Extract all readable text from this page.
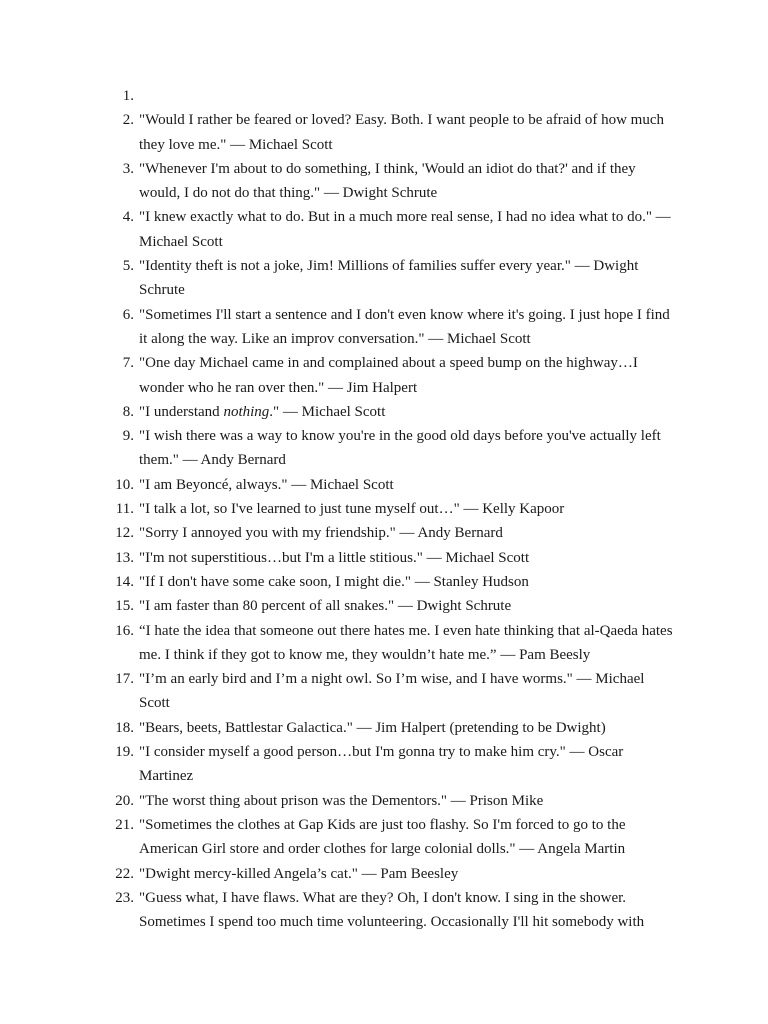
1.
2. "Would I rather be feared or loved? Easy. Both. I want people to be afraid of how much they love me." — Michael Scott
3. "Whenever I'm about to do something, I think, 'Would an idiot do that?' and if they would, I do not do that thing." — Dwight Schrute
4. "I knew exactly what to do. But in a much more real sense, I had no idea what to do." — Michael Scott
5. "Identity theft is not a joke, Jim! Millions of families suffer every year." — Dwight Schrute
6. "Sometimes I'll start a sentence and I don't even know where it's going. I just hope I find it along the way. Like an improv conversation." — Michael Scott
7. "One day Michael came in and complained about a speed bump on the highway…I wonder who he ran over then." — Jim Halpert
8. "I understand nothing." — Michael Scott
9. "I wish there was a way to know you're in the good old days before you've actually left them." — Andy Bernard
10. "I am Beyoncé, always." — Michael Scott
11. "I talk a lot, so I've learned to just tune myself out…" — Kelly Kapoor
12. "Sorry I annoyed you with my friendship." — Andy Bernard
13. "I'm not superstitious…but I'm a little stitious." — Michael Scott
14. "If I don't have some cake soon, I might die." — Stanley Hudson
15. "I am faster than 80 percent of all snakes." — Dwight Schrute
16. “I hate the idea that someone out there hates me. I even hate thinking that al-Qaeda hates me. I think if they got to know me, they wouldn’t hate me.” — Pam Beesly
17. "I’m an early bird and I’m a night owl. So I’m wise, and I have worms." — Michael Scott
18. "Bears, beets, Battlestar Galactica." — Jim Halpert (pretending to be Dwight)
19. "I consider myself a good person…but I'm gonna try to make him cry." — Oscar Martinez
20. "The worst thing about prison was the Dementors." — Prison Mike
21. "Sometimes the clothes at Gap Kids are just too flashy. So I'm forced to go to the American Girl store and order clothes for large colonial dolls." — Angela Martin
22. "Dwight mercy-killed Angela’s cat." — Pam Beesley
23. "Guess what, I have flaws. What are they? Oh, I don't know. I sing in the shower. Sometimes I spend too much time volunteering. Occasionally I'll hit somebody with
